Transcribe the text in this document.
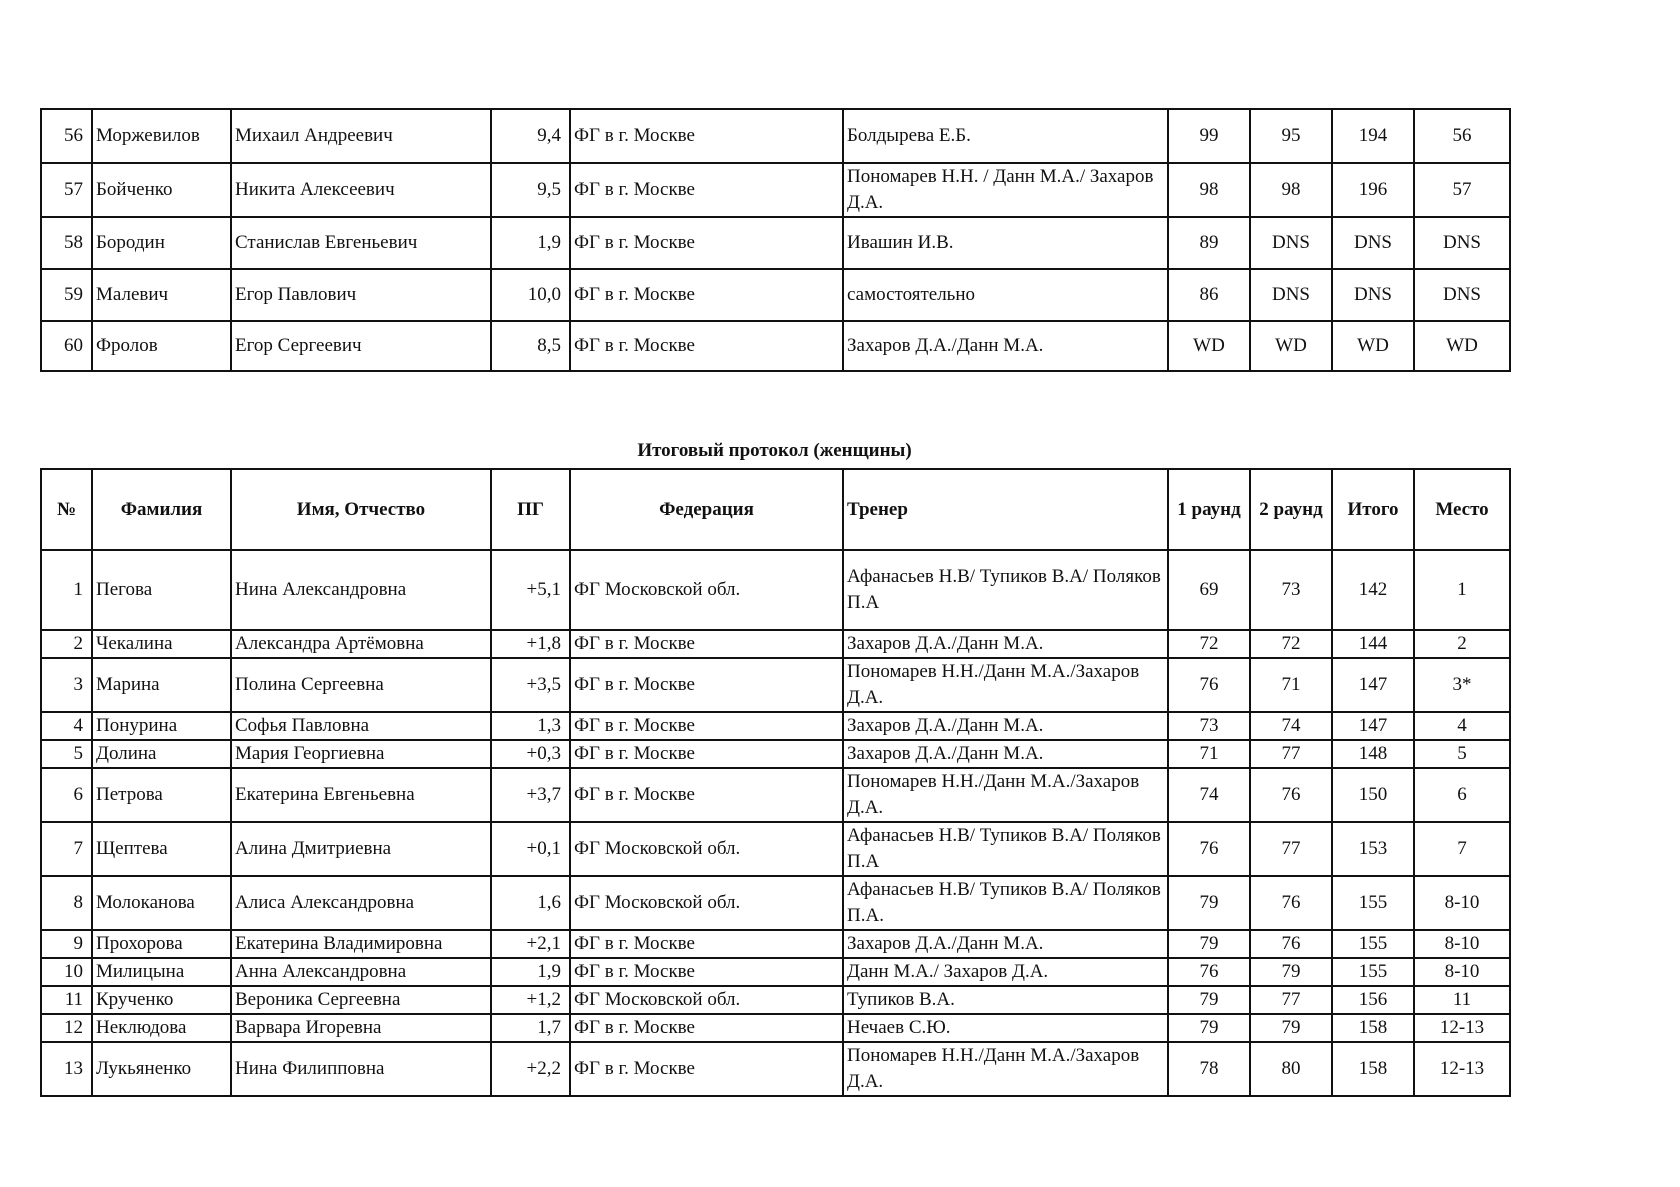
56	Моржевилов	Михаил Андреевич	9,4	ФГ в г. Москве	Болдырева Е.Б.	99	95	194	56
57	Бойченко	Никита Алексеевич	9,5	ФГ в г. Москве	Пономарев Н.Н. / Данн М.А./ Захаров Д.А.	98	98	196	57
58	Бородин	Станислав Евгеньевич	1,9	ФГ в г. Москве	Ивашин И.В.	89	DNS	DNS	DNS
59	Малевич	Егор Павлович	10,0	ФГ в г. Москве	самостоятельно	86	DNS	DNS	DNS
60	Фролов	Егор Сергеевич	8,5	ФГ в г. Москве	Захаров Д.А./Данн М.А.	WD	WD	WD	WD
Итоговый протокол (женщины)
№	Фамилия	Имя, Отчество	ПГ	Федерация	Тренер	1 раунд	2 раунд	Итого	Место
1	Пегова	Нина Александровна	+5,1	ФГ Московской обл.	Афанасьев Н.В/ Тупиков В.А/ Поляков П.А	69	73	142	1
2	Чекалина	Александра Артёмовна	+1,8	ФГ в г. Москве	Захаров Д.А./Данн М.А.	72	72	144	2
3	Марина	Полина Сергеевна	+3,5	ФГ в г. Москве	Пономарев Н.Н./Данн М.А./Захаров Д.А.	76	71	147	3*
4	Понурина	Софья Павловна	1,3	ФГ в г. Москве	Захаров Д.А./Данн М.А.	73	74	147	4
5	Долина	Мария Георгиевна	+0,3	ФГ в г. Москве	Захаров Д.А./Данн М.А.	71	77	148	5
6	Петрова	Екатерина Евгеньевна	+3,7	ФГ в г. Москве	Пономарев Н.Н./Данн М.А./Захаров Д.А.	74	76	150	6
7	Щептева	Алина Дмитриевна	+0,1	ФГ Московской обл.	Афанасьев Н.В/ Тупиков В.А/ Поляков П.А	76	77	153	7
8	Молоканова	Алиса Александровна	1,6	ФГ Московской обл.	Афанасьев Н.В/ Тупиков В.А/ Поляков П.А.	79	76	155	8-10
9	Прохорова	Екатерина Владимировна	+2,1	ФГ в г. Москве	Захаров Д.А./Данн М.А.	79	76	155	8-10
10	Милицына	Анна Александровна	1,9	ФГ в г. Москве	Данн М.А./ Захаров Д.А.	76	79	155	8-10
11	Крученко	Вероника Сергеевна	+1,2	ФГ Московской обл.	Тупиков В.А.	79	77	156	11
12	Неклюдова	Варвара Игоревна	1,7	ФГ в г. Москве	Нечаев С.Ю.	79	79	158	12-13
13	Лукьяненко	Нина Филипповна	+2,2	ФГ в г. Москве	Пономарев Н.Н./Данн М.А./Захаров Д.А.	78	80	158	12-13
